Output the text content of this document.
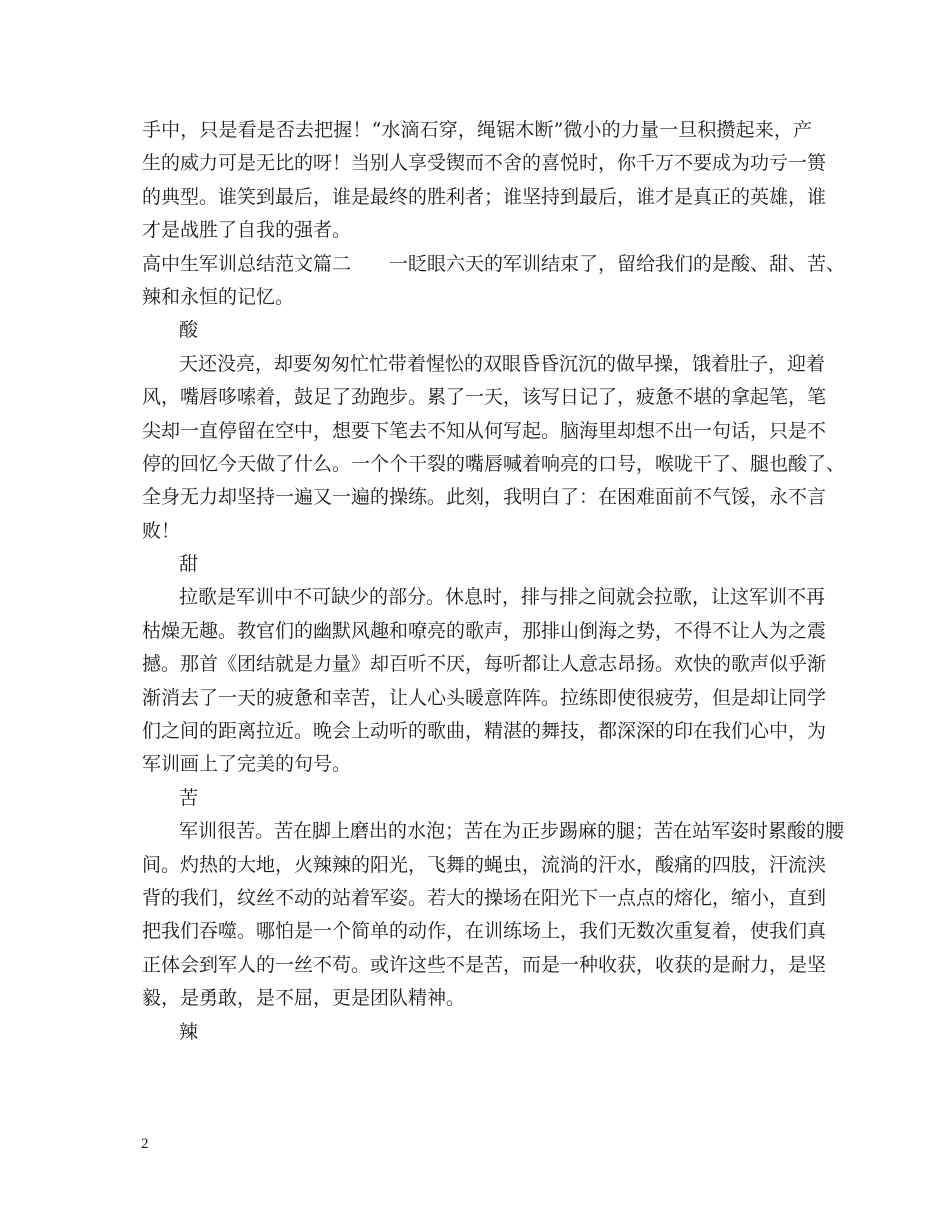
手中，只是看是否去把握！“水滴石穿，绳锯木断”微小的力量一旦积攒起来，产
生的威力可是无比的呀！当别人享受锲而不舍的喜悦时，你千万不要成为功亏一篑
的典型。谁笑到最后，谁是最终的胜利者；谁坚持到最后，谁才是真正的英雄，谁
才是战胜了自我的强者。
高中生军训总结范文篇二　　一眨眼六天的军训结束了，留给我们的是酸、甜、苦、
辣和永恒的记忆。
酸
天还没亮，却要匆匆忙忙带着惺忪的双眼昏昏沉沉的做早操，饿着肚子，迎着
风，嘴唇哆嗦着，鼓足了劲跑步。累了一天，该写日记了，疲惫不堪的拿起笔，笔
尖却一直停留在空中，想要下笔去不知从何写起。脑海里却想不出一句话，只是不
停的回忆今天做了什么。一个个干裂的嘴唇喊着响亮的口号，喉咙干了、腿也酸了、
全身无力却坚持一遍又一遍的操练。此刻，我明白了：在困难面前不气馁，永不言
败！
甜
拉歌是军训中不可缺少的部分。休息时，排与排之间就会拉歌，让这军训不再
枯燥无趣。教官们的幽默风趣和嘹亮的歌声，那排山倒海之势，不得不让人为之震
撼。那首《团结就是力量》却百听不厌，每听都让人意志昂扬。欢快的歌声似乎渐
渐消去了一天的疲惫和幸苦，让人心头暖意阵阵。拉练即使很疲劳，但是却让同学
们之间的距离拉近。晚会上动听的歌曲，精湛的舞技，都深深的印在我们心中，为
军训画上了完美的句号。
苦
军训很苦。苦在脚上磨出的水泡；苦在为正步踢麻的腿；苦在站军姿时累酸的腰
间。灼热的大地，火辣辣的阳光，飞舞的蝇虫，流淌的汗水，酸痛的四肢，汗流浃
背的我们，纹丝不动的站着军姿。若大的操场在阳光下一点点的熔化，缩小，直到
把我们吞噬。哪怕是一个简单的动作，在训练场上，我们无数次重复着，使我们真
正体会到军人的一丝不苟。或许这些不是苦，而是一种收获，收获的是耐力，是坚
毅，是勇敢，是不屈，更是团队精神。
辣
2
